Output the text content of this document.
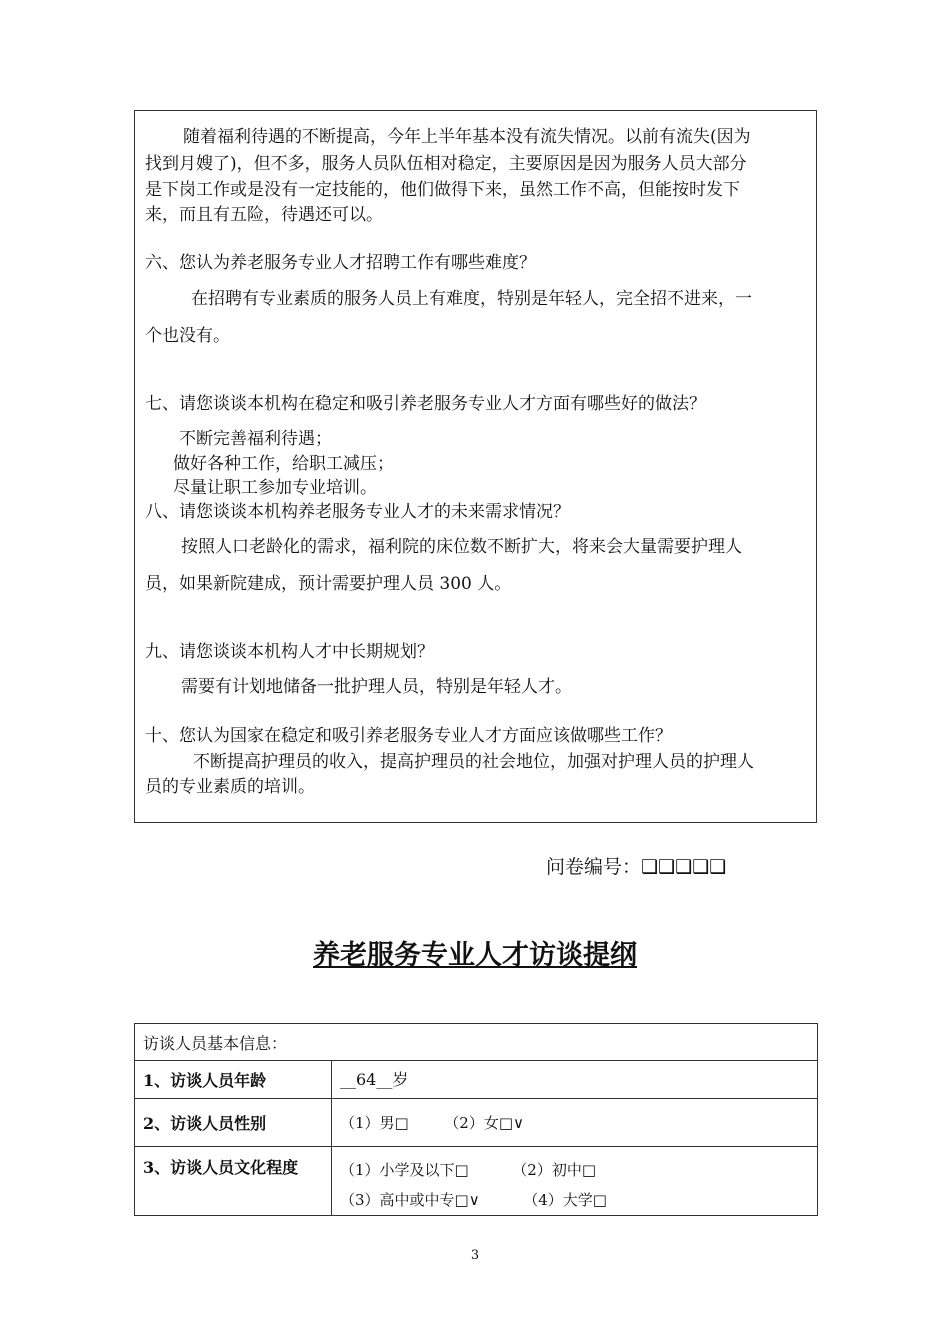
随着福利待遇的不断提高，今年上半年基本没有流失情况。以前有流失(因为
找到月嫂了)，但不多，服务人员队伍相对稳定，主要原因是因为服务人员大部分
是下岗工作或是没有一定技能的，他们做得下来，虽然工作不高，但能按时发下
来，而且有五险，待遇还可以。
六、您认为养老服务专业人才招聘工作有哪些难度？
在招聘有专业素质的服务人员上有难度，特别是年轻人，完全招不进来，一
个也没有。
七、请您谈谈本机构在稳定和吸引养老服务专业人才方面有哪些好的做法？
不断完善福利待遇；
做好各种工作，给职工减压；
尽量让职工参加专业培训。
八、请您谈谈本机构养老服务专业人才的未来需求情况？
按照人口老龄化的需求，福利院的床位数不断扩大，将来会大量需要护理人
员，如果新院建成，预计需要护理人员 300 人。
九、请您谈谈本机构人才中长期规划？
需要有计划地储备一批护理人员，特别是年轻人才。
十、您认为国家在稳定和吸引养老服务专业人才方面应该做哪些工作？
不断提高护理员的收入，提高护理员的社会地位，加强对护理人员的护理人
员的专业素质的培训。
问卷编号：❑❑❑❑❑
养老服务专业人才访谈提纲
访谈人员基本信息：	
1、访谈人员年龄	__64__岁
2、访谈人员性别	（1）男□ （2）女□∨
3、访谈人员文化程度	（1）小学及以下□ （2）初中□
（3）高中或中专□∨ （4）大学□
3
